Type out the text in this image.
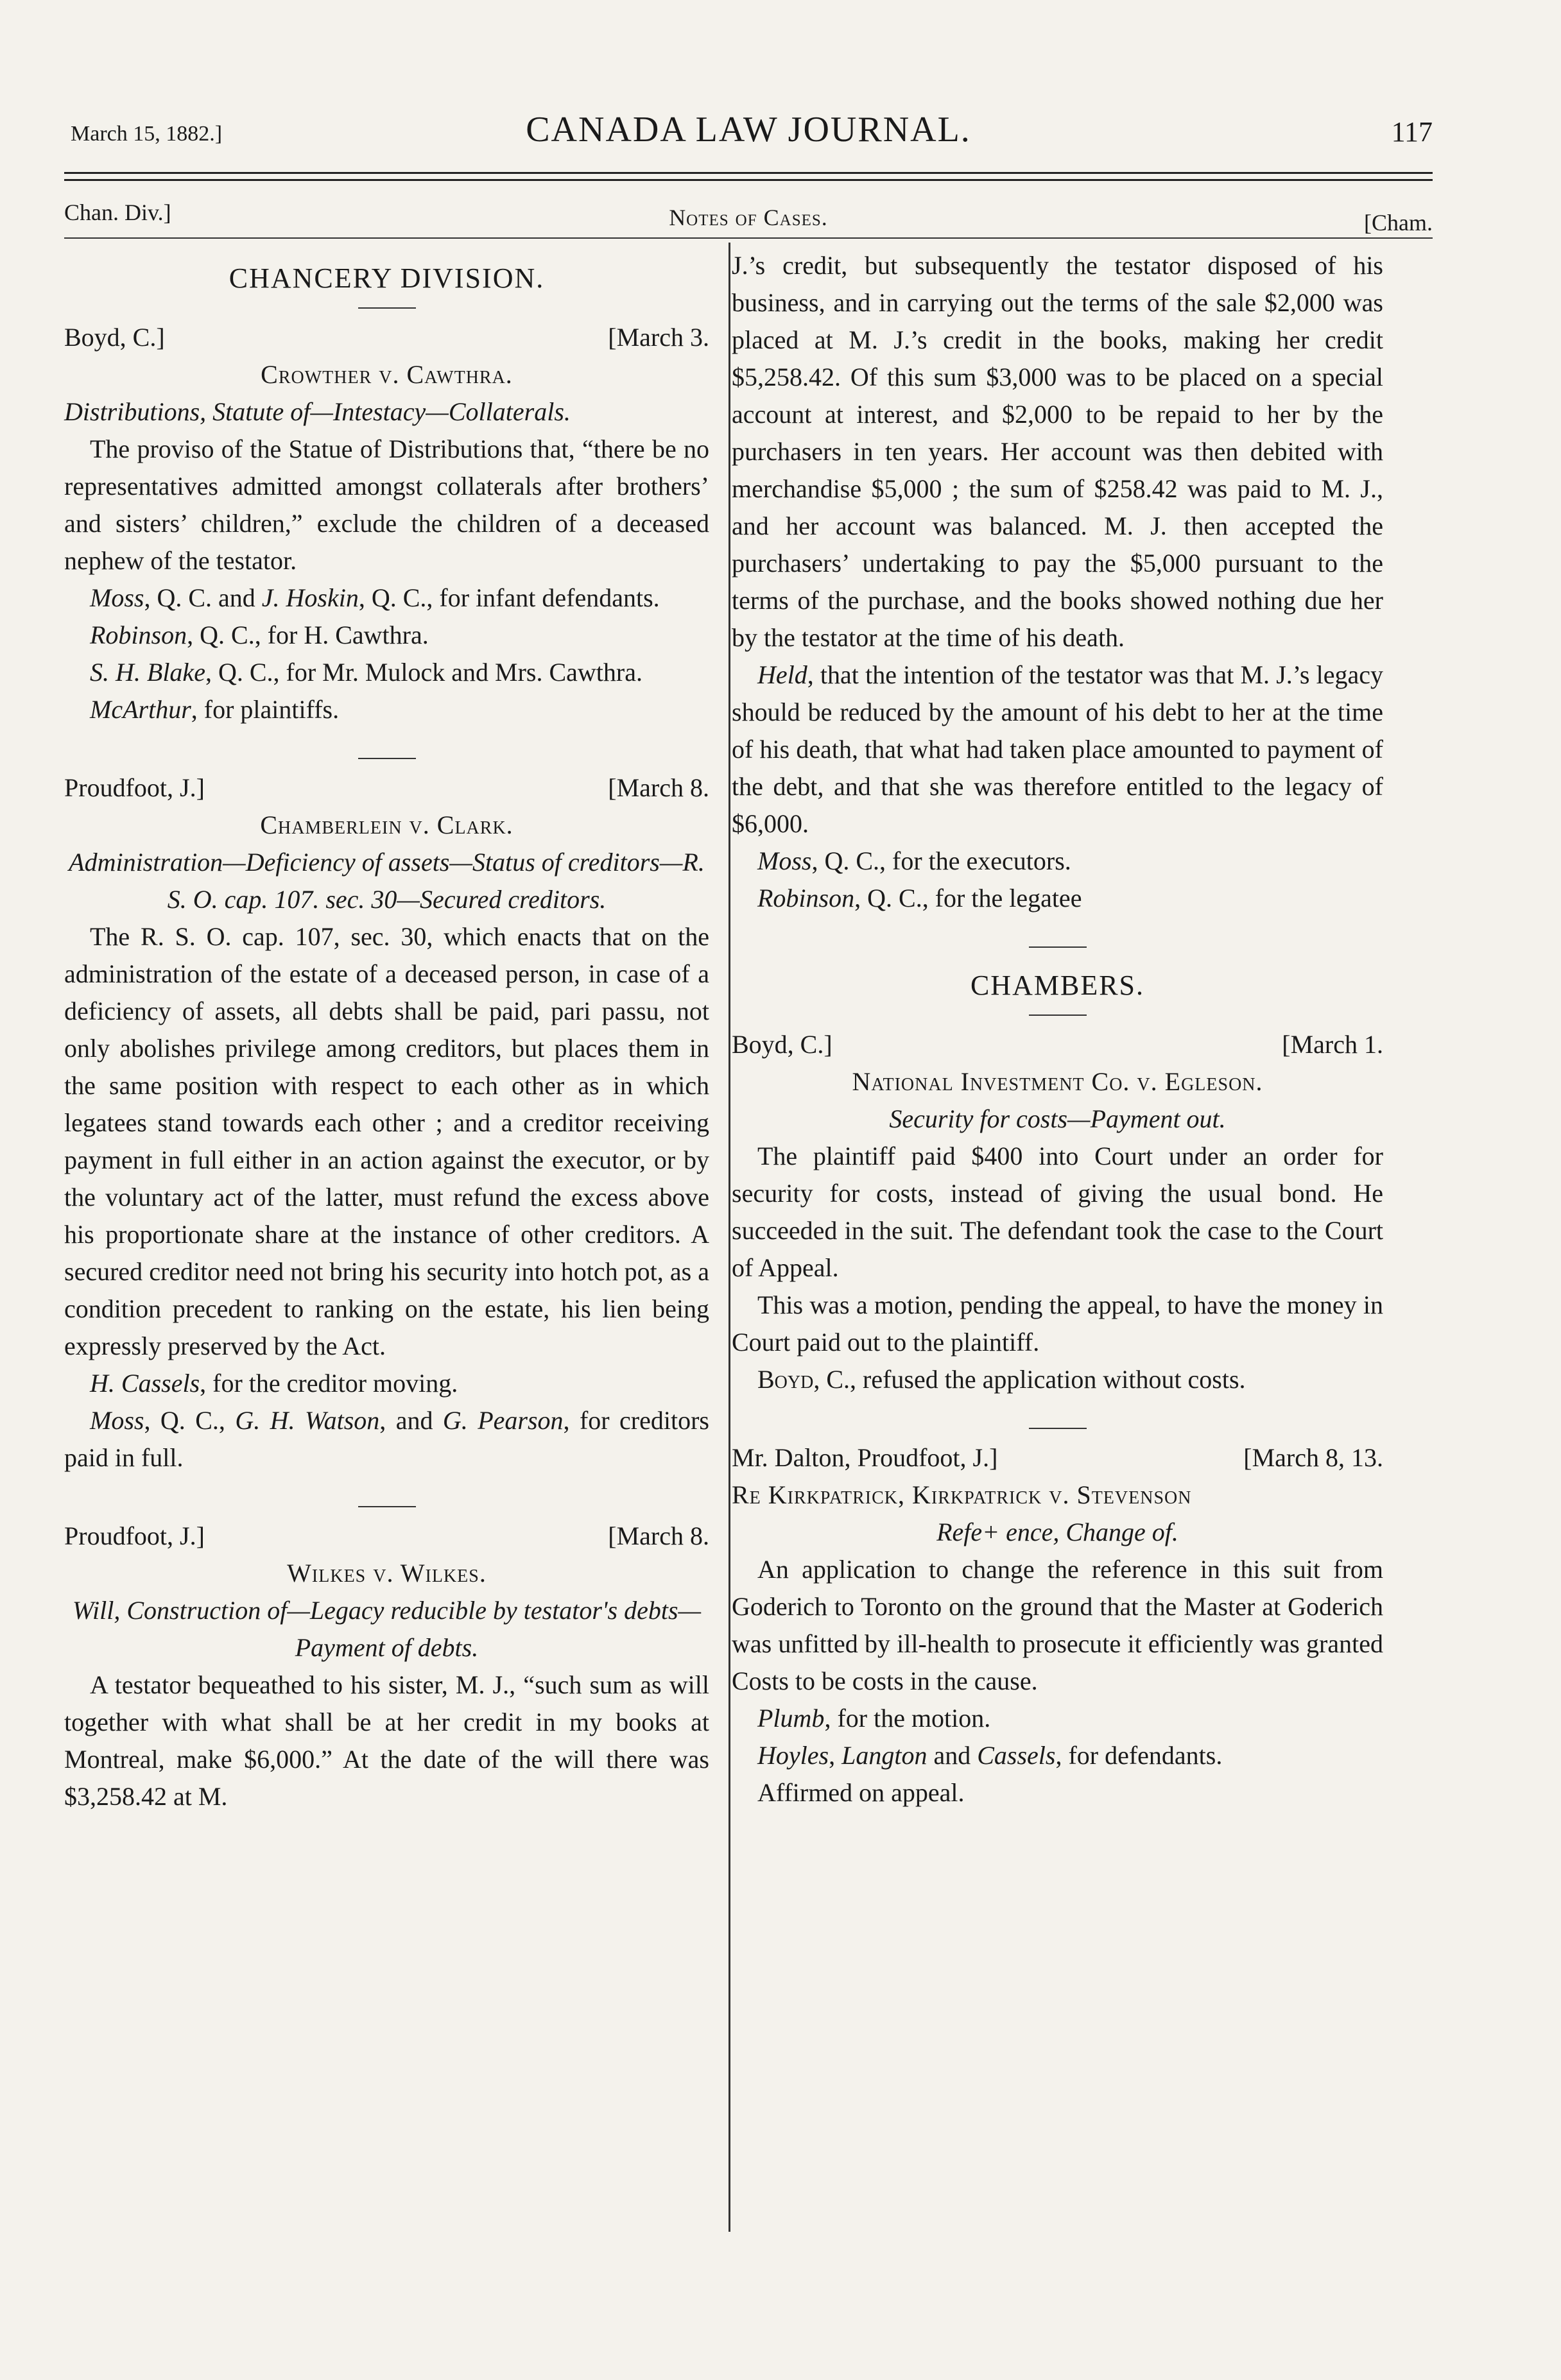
March 15, 1882.]	CANADA LAW JOURNAL.	117
Chan. Div.]	Notes of Cases.	[Cham.
CHANCERY DIVISION.
Boyd, C.]	[March 3.
Crowther v. Cawthra.
Distributions, Statute of—Intestacy—Collaterals.

The proviso of the Statue of Distributions that, “there be no representatives admitted amongst collaterals after brothers’ and sisters’ children,” exclude the children of a deceased nephew of the testator.

Moss, Q. C. and J. Hoskin, Q. C., for infant defendants.
Robinson, Q. C., for H. Cawthra.
S. H. Blake, Q. C., for Mr. Mulock and Mrs. Cawthra.
McArthur, for plaintiffs.
Proudfoot, J.]	[March 8.
Chamberlein v. Clark.
Administration—Deficiency of assets—Status of creditors—R. S. O. cap. 107. sec. 30—Secured creditors.

The R. S. O. cap. 107, sec. 30, which enacts that on the administration of the estate of a deceased person, in case of a deficiency of assets, all debts shall be paid, pari passu, not only abolishes privilege among creditors, but places them in the same position with respect to each other as in which legatees stand towards each other ; and a creditor receiving payment in full either in an action against the executor, or by the voluntary act of the latter, must refund the excess above his proportionate share at the instance of other creditors. A secured creditor need not bring his security into hotch pot, as a condition precedent to ranking on the estate, his lien being expressly preserved by the Act.

H. Cassels, for the creditor moving.
Moss, Q. C., G. H. Watson, and G. Pearson, for creditors paid in full.
Proudfoot, J.]	[March 8.
Wilkes v. Wilkes.
Will, Construction of—Legacy reducible by testator's debts—Payment of debts.

A testator bequeathed to his sister, M. J., “such sum as will together with what shall be at her credit in my books at Montreal, make $6,000.” At the date of the will there was $3,258.42 at M.

J.’s credit, but subsequently the testator disposed of his business, and in carrying out the terms of the sale $2,000 was placed at M. J.’s credit in the books, making her credit $5,258.42. Of this sum $3,000 was to be placed on a special account at interest, and $2,000 to be repaid to her by the purchasers in ten years. Her account was then debited with merchandise $5,000 ; the sum of $258.42 was paid to M. J., and her account was balanced. M. J. then accepted the purchasers’ undertaking to pay the $5,000 pursuant to the terms of the purchase, and the books showed nothing due her by the testator at the time of his death.

Held, that the intention of the testator was that M. J.’s legacy should be reduced by the amount of his debt to her at the time of his death, that what had taken place amounted to payment of the debt, and that she was therefore entitled to the legacy of $6,000.

Moss, Q. C., for the executors.
Robinson, Q. C., for the legatee
CHAMBERS.
Boyd, C.]	[March 1.
National Investment Co. v. Egleson.
Security for costs—Payment out.

The plaintiff paid $400 into Court under an order for security for costs, instead of giving the usual bond. He succeeded in the suit. The defendant took the case to the Court of Appeal.

This was a motion, pending the appeal, to have the money in Court paid out to the plaintiff.

Boyd, C., refused the application without costs.

Mr. Dalton, Proudfoot, J.]	[March 8, 13.
Re Kirkpatrick, Kirkpatrick v. Stevenson
Refe+ ence, Change of.

An application to change the reference in this suit from Goderich to Toronto on the ground that the Master at Goderich was unfitted by ill-health to prosecute it efficiently was granted Costs to be costs in the cause.

Plumb, for the motion.
Hoyles, Langton and Cassels, for defendants.
Affirmed on appeal.
